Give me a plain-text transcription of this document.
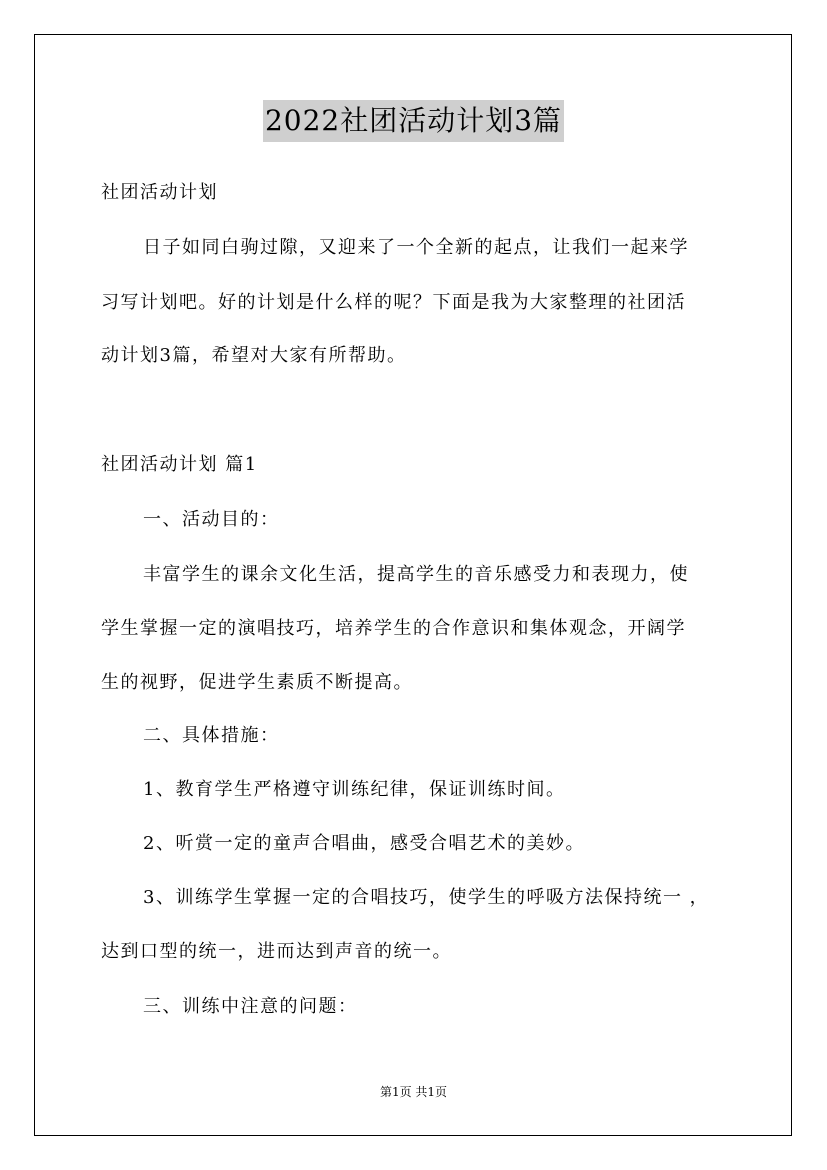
2022社团活动计划3篇
社团活动计划
日子如同白驹过隙，又迎来了一个全新的起点，让我们一起来学
习写计划吧。好的计划是什么样的呢？下面是我为大家整理的社团活
动计划3篇，希望对大家有所帮助。
社团活动计划 篇1
一、活动目的：
丰富学生的课余文化生活，提高学生的音乐感受力和表现力，使
学生掌握一定的演唱技巧，培养学生的合作意识和集体观念，开阔学
生的视野，促进学生素质不断提高。
二、具体措施：
1、教育学生严格遵守训练纪律，保证训练时间。
2、听赏一定的童声合唱曲，感受合唱艺术的美妙。
3、训练学生掌握一定的合唱技巧，使学生的呼吸方法保持统一 ，
达到口型的统一，进而达到声音的统一。
三、训练中注意的问题：
第1页 共1页
